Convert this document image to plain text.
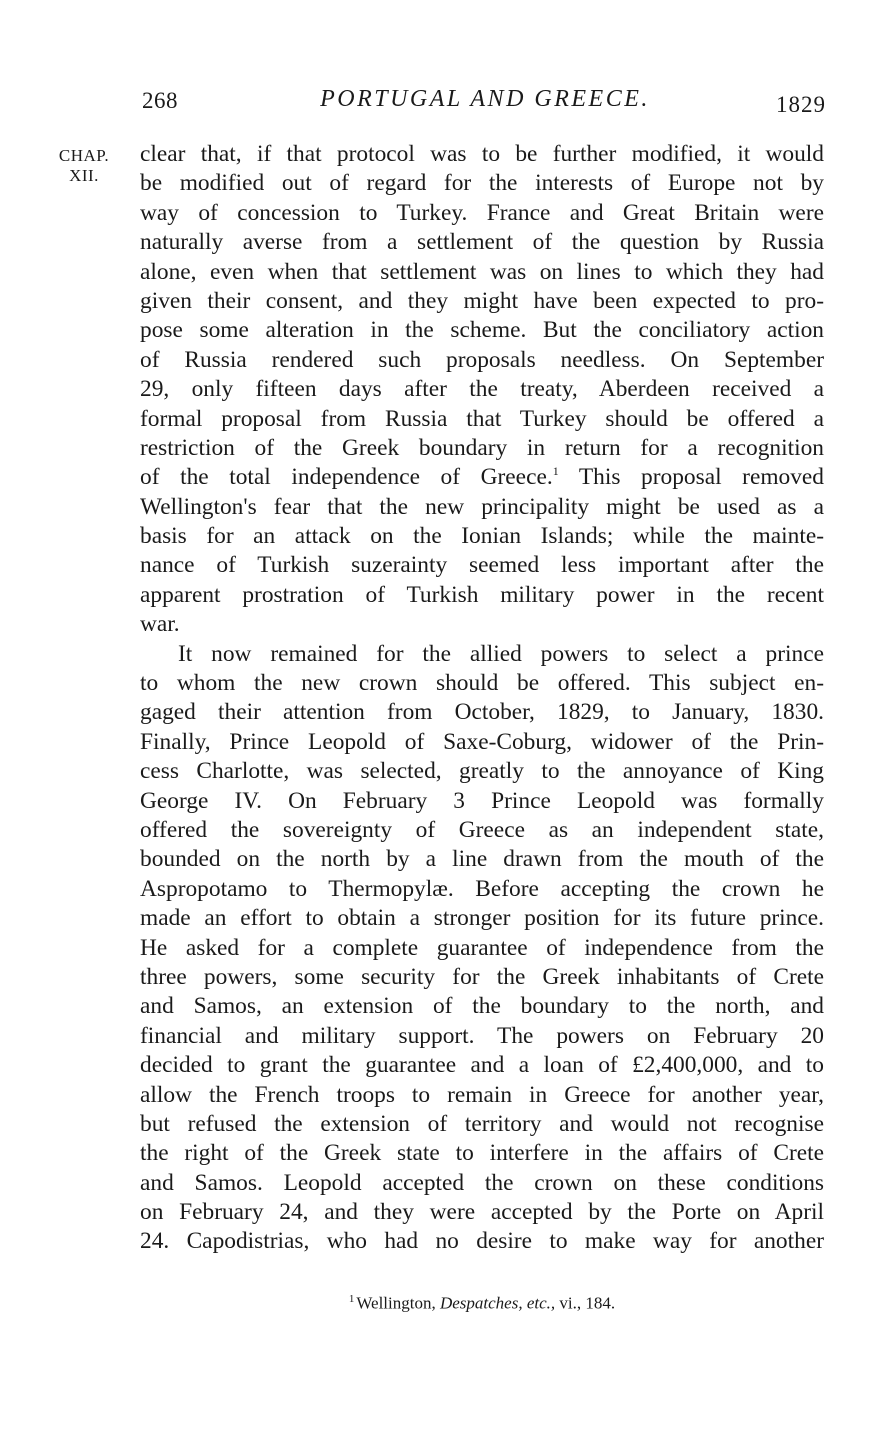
268	PORTUGAL AND GREECE.	1829
CHAP.
XII.
clear that, if that protocol was to be further modified, it would
be modified out of regard for the interests of Europe not by
way of concession to Turkey. France and Great Britain were
naturally averse from a settlement of the question by Russia
alone, even when that settlement was on lines to which they had
given their consent, and they might have been expected to pro-
pose some alteration in the scheme. But the conciliatory action
of Russia rendered such proposals needless. On September
29, only fifteen days after the treaty, Aberdeen received a
formal proposal from Russia that Turkey should be offered a
restriction of the Greek boundary in return for a recognition
of the total independence of Greece.$^1$ This proposal removed
Wellington's fear that the new principality might be used as a
basis for an attack on the Ionian Islands; while the mainte-
nance of Turkish suzerainty seemed less important after the
apparent prostration of Turkish military power in the recent
war.
It now remained for the allied powers to select a prince
to whom the new crown should be offered. This subject en-
gaged their attention from October, 1829, to January, 1830.
Finally, Prince Leopold of Saxe-Coburg, widower of the Prin-
cess Charlotte, was selected, greatly to the annoyance of King
George IV. On February 3 Prince Leopold was formally
offered the sovereignty of Greece as an independent state,
bounded on the north by a line drawn from the mouth of the
Aspropotamo to Thermopylæ. Before accepting the crown he
made an effort to obtain a stronger position for its future prince.
He asked for a complete guarantee of independence from the
three powers, some security for the Greek inhabitants of Crete
and Samos, an extension of the boundary to the north, and
financial and military support. The powers on February 20
decided to grant the guarantee and a loan of £2,400,000, and to
allow the French troops to remain in Greece for another year,
but refused the extension of territory and would not recognise
the right of the Greek state to interfere in the affairs of Crete
and Samos. Leopold accepted the crown on these conditions
on February 24, and they were accepted by the Porte on April
24. Capodistrias, who had no desire to make way for another
$^1$ Wellington, Despatches, etc., vi., 184.
